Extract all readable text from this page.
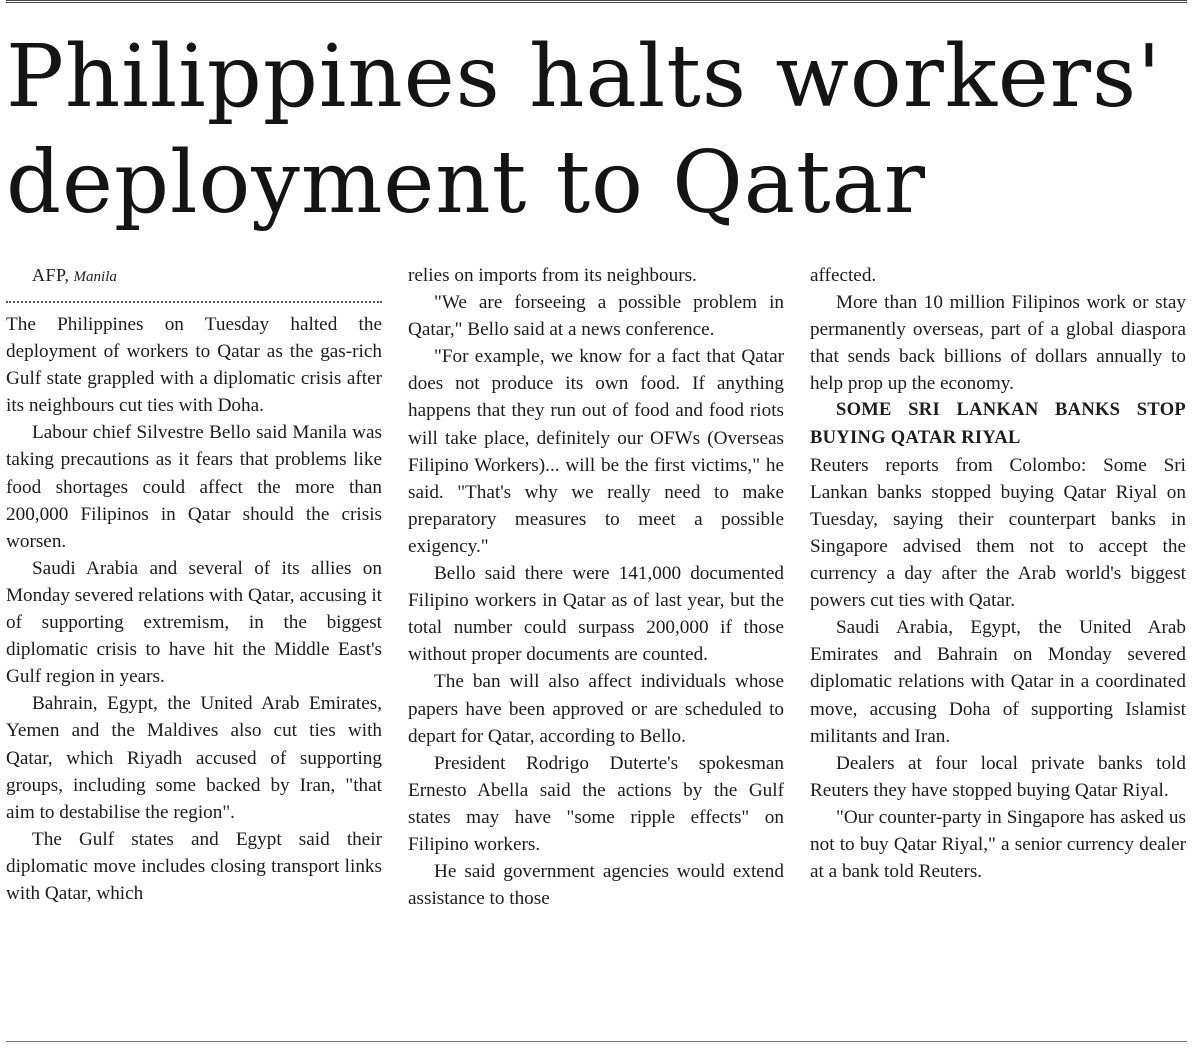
Philippines halts workers'
deployment to Qatar

AFP, Manila

The Philippines on Tuesday halted the deployment of workers to Qatar as the gas-rich Gulf state grappled with a diplomatic crisis after its neighbours cut ties with Doha.

Labour chief Silvestre Bello said Manila was taking precautions as it fears that problems like food shortages could affect the more than 200,000 Filipinos in Qatar should the crisis worsen.

Saudi Arabia and several of its allies on Monday severed relations with Qatar, accusing it of supporting extremism, in the biggest diplomatic crisis to have hit the Middle East's Gulf region in years.

Bahrain, Egypt, the United Arab Emirates, Yemen and the Maldives also cut ties with Qatar, which Riyadh accused of supporting groups, including some backed by Iran, "that aim to destabilise the region".

The Gulf states and Egypt said their diplomatic move includes closing transport links with Qatar, which

relies on imports from its neighbours.

"We are forseeing a possible problem in Qatar," Bello said at a news conference.

"For example, we know for a fact that Qatar does not produce its own food. If anything happens that they run out of food and food riots will take place, definitely our OFWs (Overseas Filipino Workers)... will be the first victims," he said. "That's why we really need to make preparatory measures to meet a possible exigency."

Bello said there were 141,000 documented Filipino workers in Qatar as of last year, but the total number could surpass 200,000 if those without proper documents are counted.

The ban will also affect individuals whose papers have been approved or are scheduled to depart for Qatar, according to Bello.

President Rodrigo Duterte's spokesman Ernesto Abella said the actions by the Gulf states may have "some ripple effects" on Filipino workers.

He said government agencies would extend assistance to those

affected.

More than 10 million Filipinos work or stay permanently overseas, part of a global diaspora that sends back billions of dollars annually to help prop up the economy.

SOME SRI LANKAN BANKS STOP BUYING QATAR RIYAL

Reuters reports from Colombo: Some Sri Lankan banks stopped buying Qatar Riyal on Tuesday, saying their counterpart banks in Singapore advised them not to accept the currency a day after the Arab world's biggest powers cut ties with Qatar.

Saudi Arabia, Egypt, the United Arab Emirates and Bahrain on Monday severed diplomatic relations with Qatar in a coordinated move, accusing Doha of supporting Islamist militants and Iran.

Dealers at four local private banks told Reuters they have stopped buying Qatar Riyal.

"Our counter-party in Singapore has asked us not to buy Qatar Riyal," a senior currency dealer at a bank told Reuters.
